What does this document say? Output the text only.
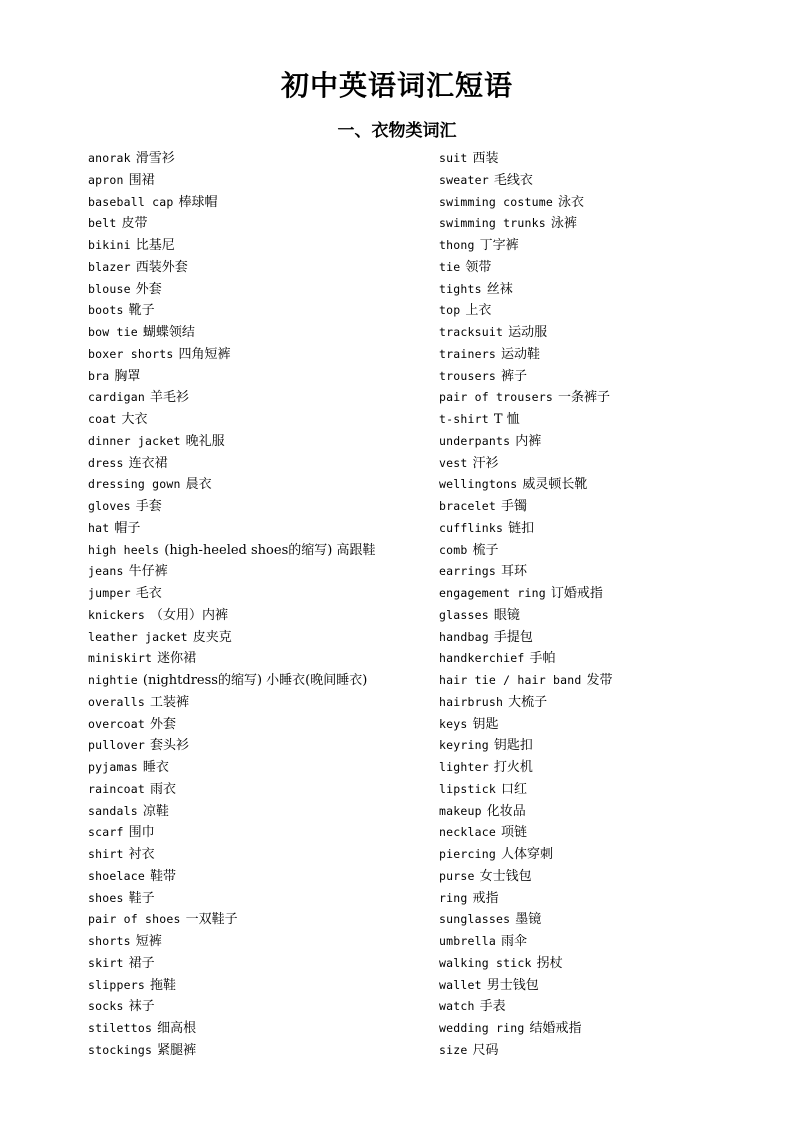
初中英语词汇短语
一、衣物类词汇
anorak 滑雪衫
apron 围裙
baseball cap 棒球帽
belt 皮带
bikini 比基尼
blazer 西装外套
blouse 外套
boots 靴子
bow tie 蝴蝶领结
boxer shorts 四角短裤
bra 胸罩
cardigan 羊毛衫
coat 大衣
dinner jacket 晚礼服
dress 连衣裙
dressing gown 晨衣
gloves 手套
hat 帽子
high heels (high-heeled shoes的缩写) 高跟鞋
jeans 牛仔裤
jumper 毛衣
knickers （女用）内裤
leather jacket 皮夹克
miniskirt 迷你裙
nightie (nightdress的缩写) 小睡衣(晚间睡衣)
overalls 工装裤
overcoat 外套
pullover 套头衫
pyjamas 睡衣
raincoat 雨衣
sandals 凉鞋
scarf 围巾
shirt 衬衣
shoelace 鞋带
shoes 鞋子
pair of shoes 一双鞋子
shorts 短裤
skirt 裙子
slippers 拖鞋
socks 袜子
stilettos 细高根
stockings 紧腿裤
suit 西装
sweater 毛线衣
swimming costume 泳衣
swimming trunks 泳裤
thong 丁字裤
tie 领带
tights 丝袜
top 上衣
tracksuit 运动服
trainers 运动鞋
trousers 裤子
pair of trousers 一条裤子
t-shirt T 恤
underpants 内裤
vest 汗衫
wellingtons 威灵顿长靴
bracelet 手镯
cufflinks 链扣
comb 梳子
earrings 耳环
engagement ring 订婚戒指
glasses 眼镜
handbag 手提包
handkerchief 手帕
hair tie / hair band 发带
hairbrush 大梳子
keys 钥匙
keyring 钥匙扣
lighter 打火机
lipstick 口红
makeup 化妆品
necklace 项链
piercing 人体穿刺
purse 女士钱包
ring 戒指
sunglasses 墨镜
umbrella 雨伞
walking stick 拐杖
wallet 男士钱包
watch 手表
wedding ring 结婚戒指
size 尺码
